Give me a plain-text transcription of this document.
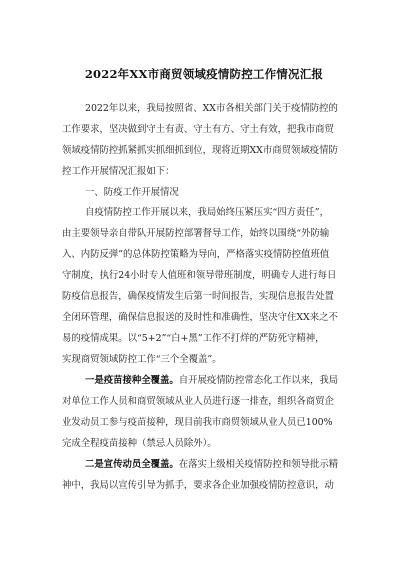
2022年XX市商贸领域疫情防控工作情况汇报
2022年以来，我局按照省、XX市各相关部门关于疫情防控的
工作要求，坚决做到守土有责、守土有方、守土有效，把我市商贸
领域疫情防控抓紧抓实抓细抓到位，现将近期XX市商贸领域疫情防
控工作开展情况汇报如下：
一、防疫工作开展情况
自疫情防控工作开展以来，我局始终压紧压实“四方责任”，
由主要领导亲自带队开展防控部署督导工作，始终以围绕“外防输
入、内防反弹”的总体防控策略为导向，严格落实疫情防控值班值
守制度，执行24小时专人值班和领导带班制度，明确专人进行每日
防疫信息报告，确保疫情发生后第一时间报告，实现信息报告处置
全闭环管理，确保信息报送的及时性和准确性，坚决守住XX来之不
易的疫情成果。以“5+2”“白+黑”工作不打烊的严防死守精神，
实现商贸领域防控工作“三个全覆盖”。
一是疫苗接种全覆盖。自开展疫情防控常态化工作以来，我局
对单位工作人员和商贸领域从业人员进行逐一排查，组织各商贸企
业发动员工参与疫苗接种，现目前我市商贸领域从业人员已100%
完成全程疫苗接种（禁忌人员除外）。
二是宣传动员全覆盖。在落实上级相关疫情防控和领导批示精
神中，我局以宣传引导为抓手，要求各企业加强疫情防控意识，动
